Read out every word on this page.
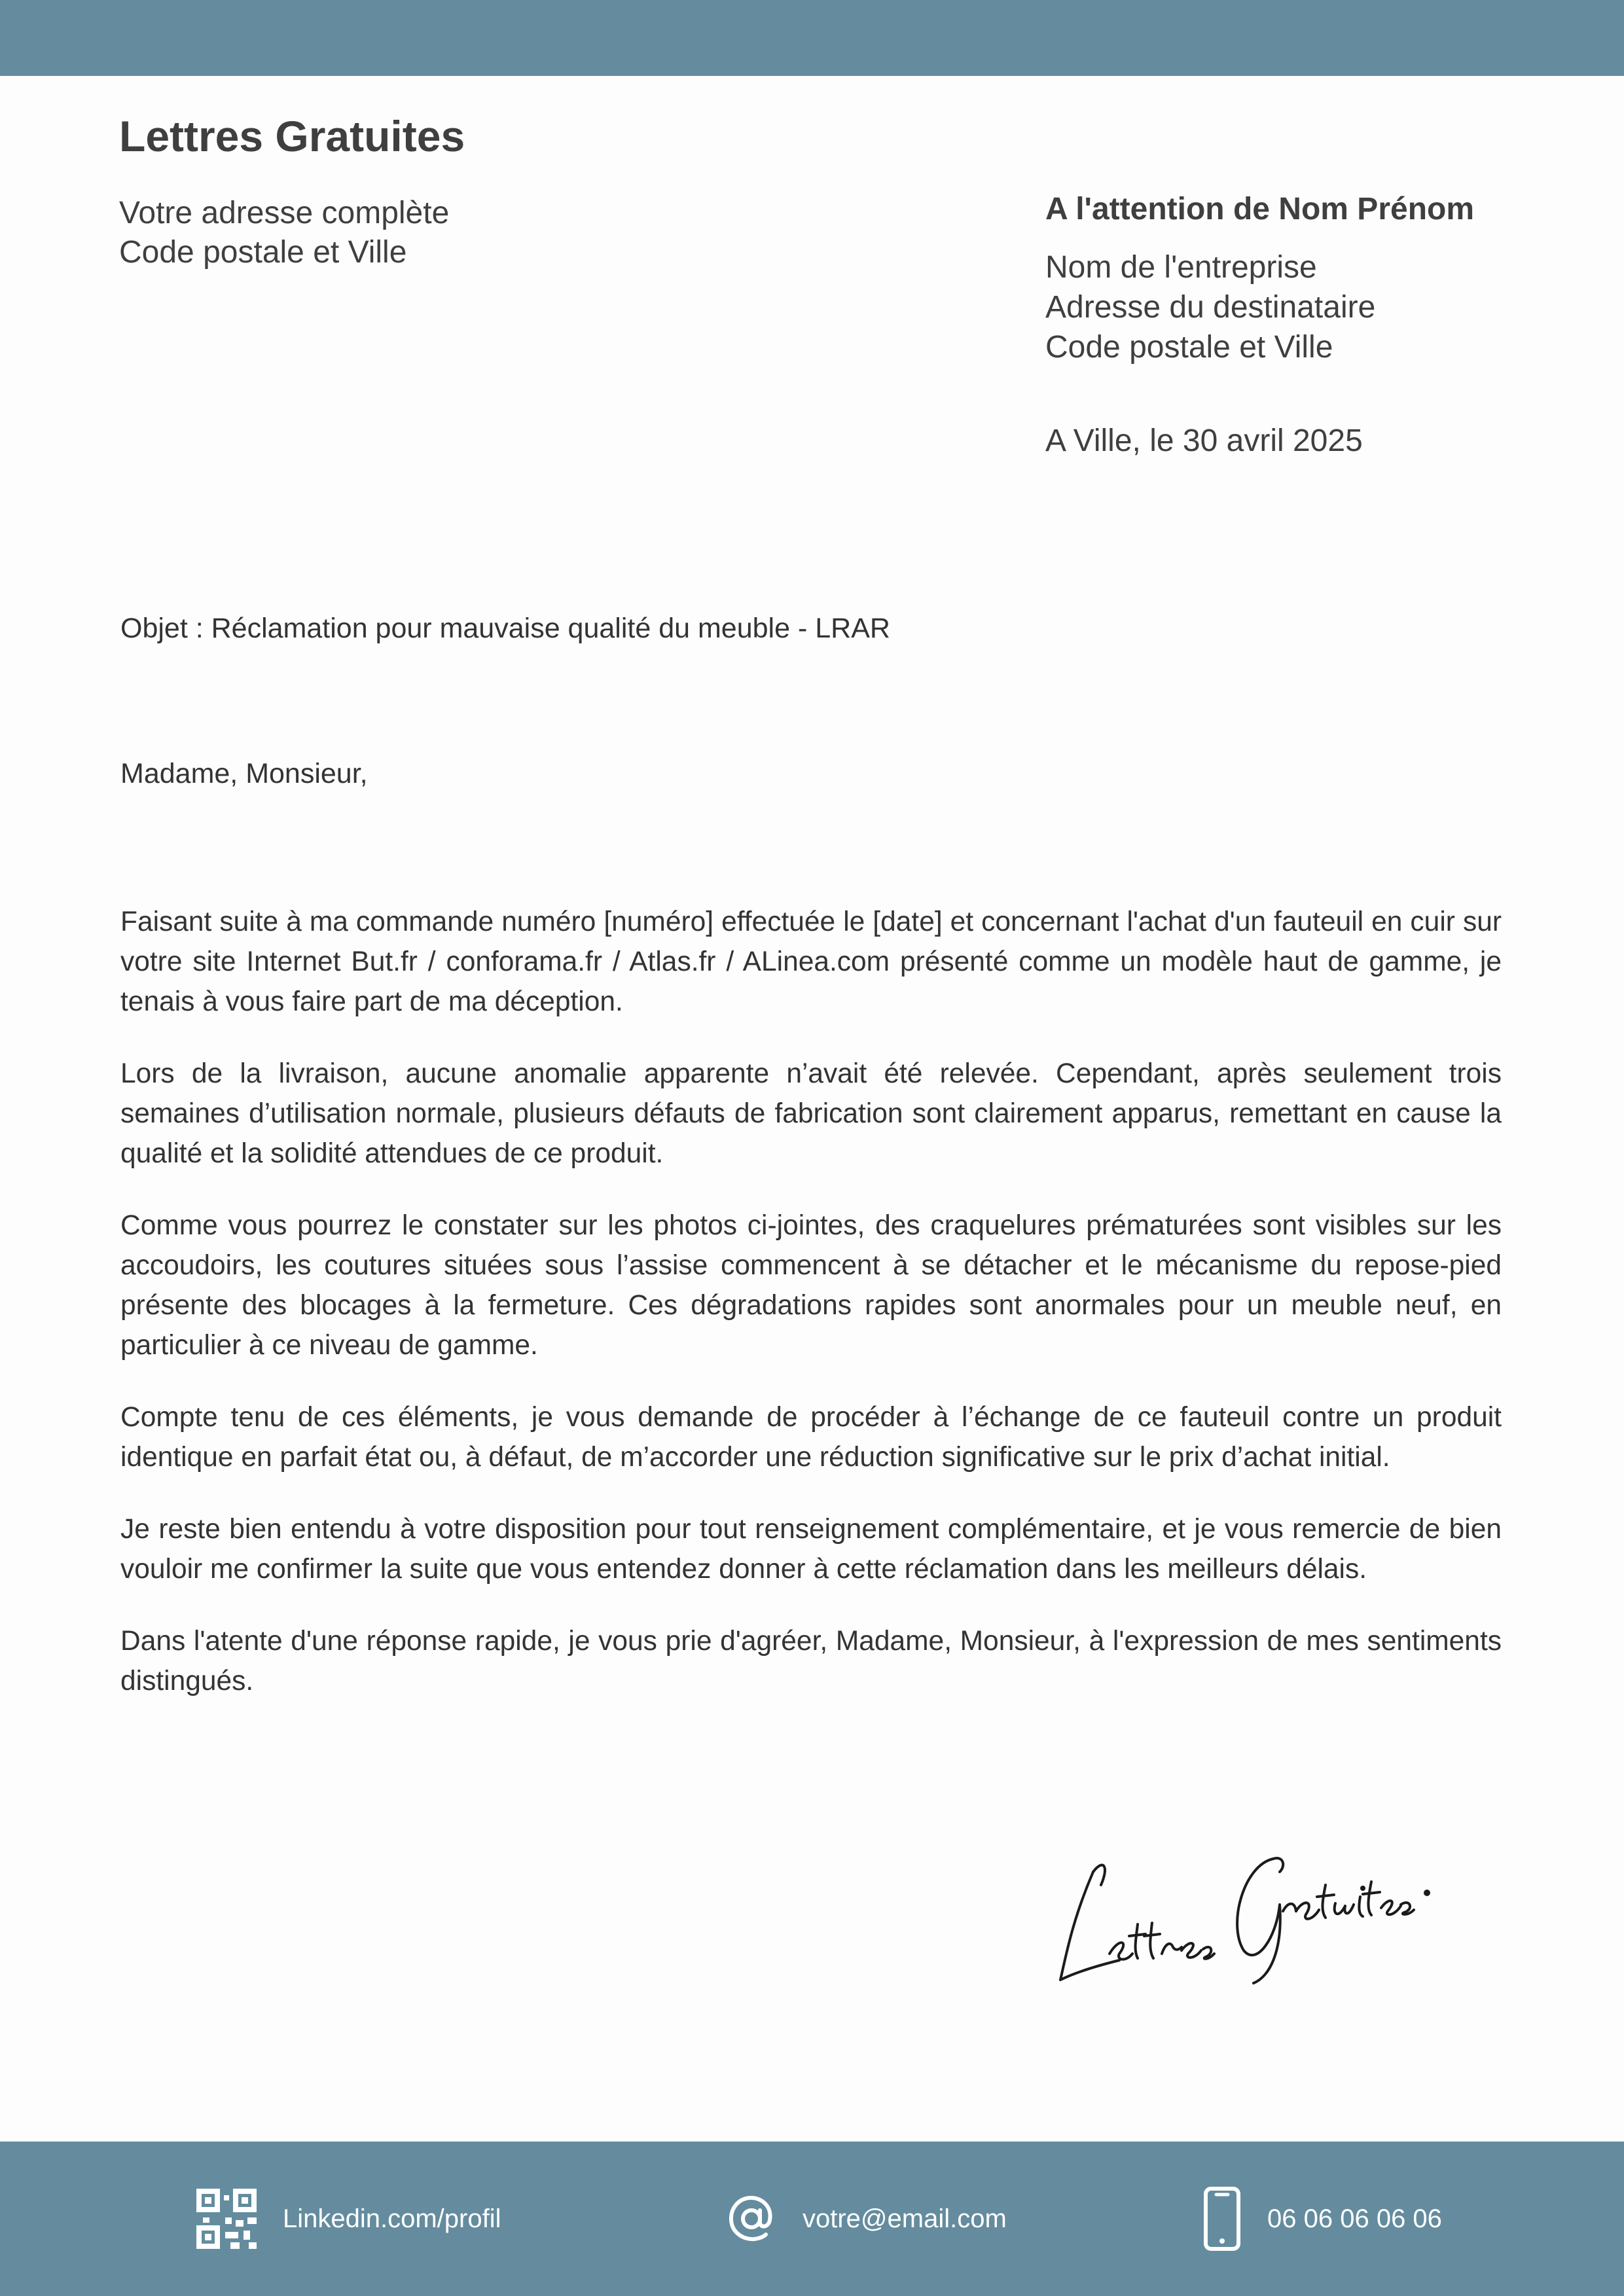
Lettres Gratuites
Votre adresse complète
Code postale et Ville
A l'attention de Nom Prénom
Nom de l'entreprise
Adresse du destinataire
Code postale et Ville
A Ville, le 30 avril 2025
Objet : Réclamation pour mauvaise qualité du meuble - LRAR
Madame, Monsieur,

Faisant suite à ma commande numéro [numéro] effectuée le [date] et concernant l'achat d'un fauteuil en cuir sur votre site Internet But.fr / conforama.fr / Atlas.fr / ALinea.com présenté comme un modèle haut de gamme, je tenais à vous faire part de ma déception.

Lors de la livraison, aucune anomalie apparente n’avait été relevée. Cependant, après seulement trois semaines d’utilisation normale, plusieurs défauts de fabrication sont clairement apparus, remettant en cause la qualité et la solidité attendues de ce produit.

Comme vous pourrez le constater sur les photos ci-jointes, des craquelures prématurées sont visibles sur les accoudoirs, les coutures situées sous l’assise commencent à se détacher et le mécanisme du repose-pied présente des blocages à la fermeture. Ces dégradations rapides sont anormales pour un meuble neuf, en particulier à ce niveau de gamme.

Compte tenu de ces éléments, je vous demande de procéder à l’échange de ce fauteuil contre un produit identique en parfait état ou, à défaut, de m’accorder une réduction significative sur le prix d’achat initial.

Je reste bien entendu à votre disposition pour tout renseignement complémentaire, et je vous remercie de bien vouloir me confirmer la suite que vous entendez donner à cette réclamation dans les meilleurs délais.

Dans l'atente d'une réponse rapide, je vous prie d'agréer, Madame, Monsieur, à l'expression de mes sentiments distingués.

Linkedin.com/profil	votre@email.com	06 06 06 06 06
